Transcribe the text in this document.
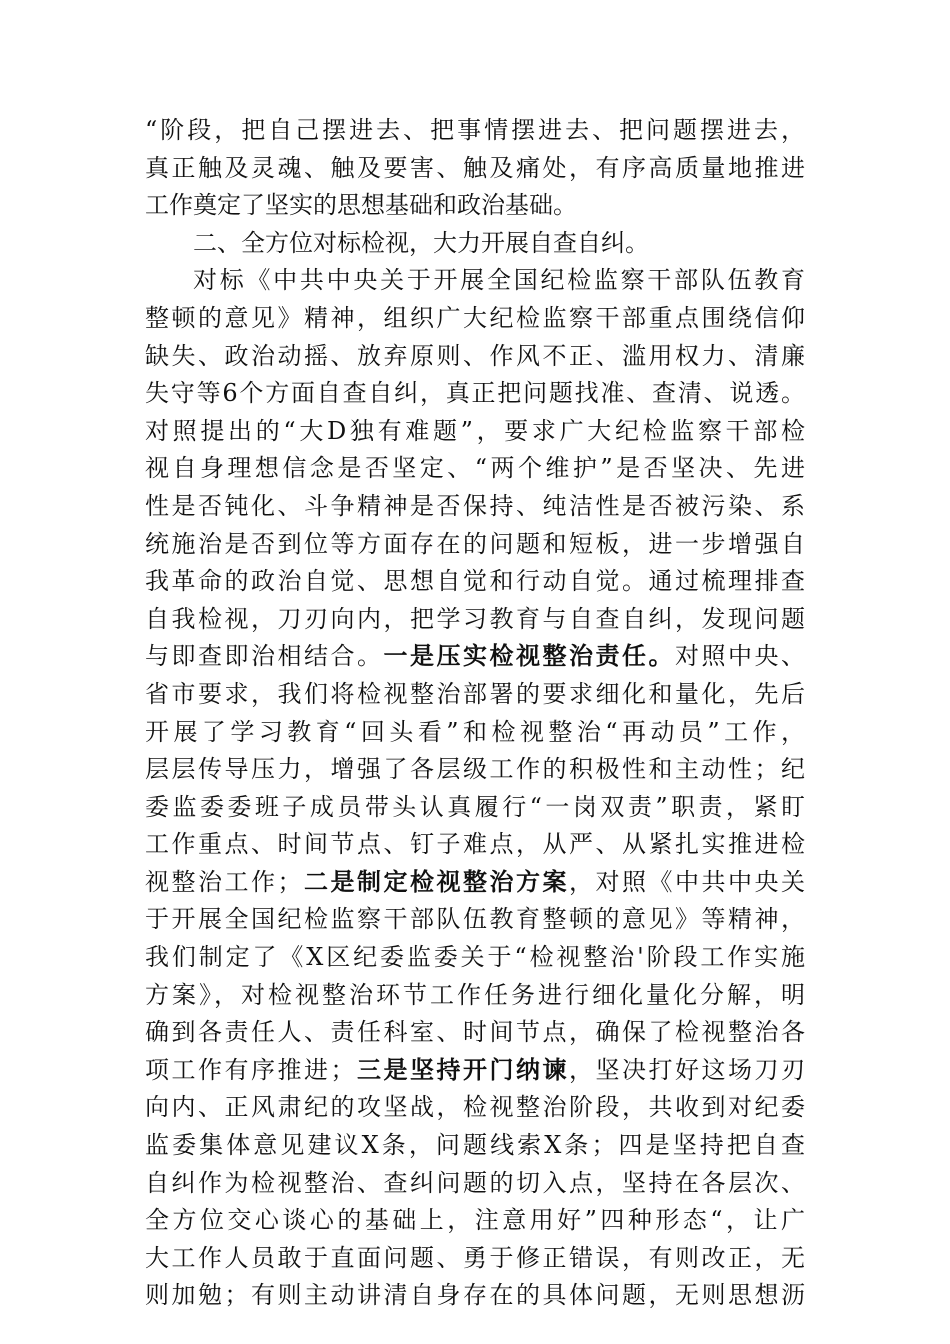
“阶段，把自己摆进去、把事情摆进去、把问题摆进去，
真正触及灵魂、触及要害、触及痛处，有序高质量地推进
工作奠定了坚实的思想基础和政治基础。
二、全方位对标检视，大力开展自查自纠。
对标《中共中央关于开展全国纪检监察干部队伍教育
整顿的意见》精神，组织广大纪检监察干部重点围绕信仰
缺失、政治动摇、放弃原则、作风不正、滥用权力、清廉
失守等6个方面自查自纠，真正把问题找准、查清、说透。
对照提出的“大D独有难题”，要求广大纪检监察干部检
视自身理想信念是否坚定、“两个维护”是否坚决、先进
性是否钝化、斗争精神是否保持、纯洁性是否被污染、系
统施治是否到位等方面存在的问题和短板，进一步增强自
我革命的政治自觉、思想自觉和行动自觉。通过梳理排查
自我检视，刀刃向内，把学习教育与自查自纠，发现问题
与即查即治相结合。一是压实检视整治责任。对照中央、
省市要求，我们将检视整治部署的要求细化和量化，先后
开展了学习教育“回头看”和检视整治“再动员”工作，
层层传导压力，增强了各层级工作的积极性和主动性；纪
委监委委班子成员带头认真履行“一岗双责”职责，紧盯
工作重点、时间节点、钉子难点，从严、从紧扎实推进检
视整治工作；二是制定检视整治方案，对照《中共中央关
于开展全国纪检监察干部队伍教育整顿的意见》等精神，
我们制定了《X区纪委监委关于“检视整治'阶段工作实施
方案》，对检视整治环节工作任务进行细化量化分解，明
确到各责任人、责任科室、时间节点，确保了检视整治各
项工作有序推进；三是坚持开门纳谏，坚决打好这场刀刃
向内、正风肃纪的攻坚战，检视整治阶段，共收到对纪委
监委集体意见建议X条，问题线索X条；四是坚持把自查
自纠作为检视整治、查纠问题的切入点，坚持在各层次、
全方位交心谈心的基础上，注意用好”四种形态“，让广
大工作人员敢于直面问题、勇于修正错误，有则改正，无
则加勉；有则主动讲清自身存在的具体问题，无则思想沥
